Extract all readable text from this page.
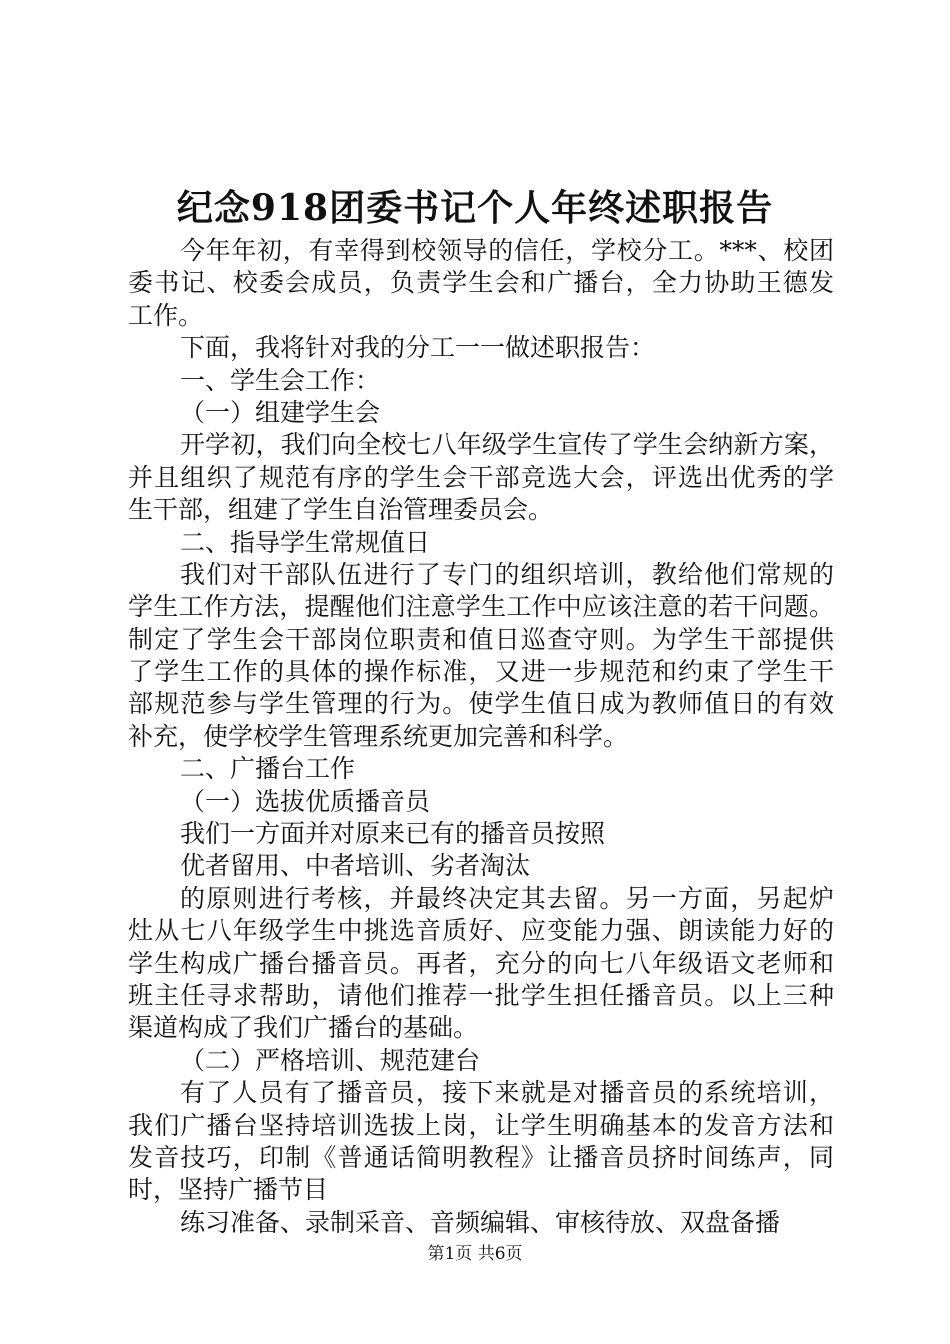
纪念918团委书记个人年终述职报告
今年年初，有幸得到校领导的信任，学校分工。***、校团
委书记、校委会成员，负责学生会和广播台，全力协助王德发
工作。
下面，我将针对我的分工一一做述职报告：
一、学生会工作：
（一）组建学生会
开学初，我们向全校七八年级学生宣传了学生会纳新方案，
并且组织了规范有序的学生会干部竞选大会，评选出优秀的学
生干部，组建了学生自治管理委员会。
二、指导学生常规值日
我们对干部队伍进行了专门的组织培训，教给他们常规的
学生工作方法，提醒他们注意学生工作中应该注意的若干问题。
制定了学生会干部岗位职责和值日巡查守则。为学生干部提供
了学生工作的具体的操作标准，又进一步规范和约束了学生干
部规范参与学生管理的行为。使学生值日成为教师值日的有效
补充，使学校学生管理系统更加完善和科学。
二、广播台工作
（一）选拔优质播音员
我们一方面并对原来已有的播音员按照
优者留用、中者培训、劣者淘汰
的原则进行考核，并最终决定其去留。另一方面，另起炉
灶从七八年级学生中挑选音质好、应变能力强、朗读能力好的
学生构成广播台播音员。再者，充分的向七八年级语文老师和
班主任寻求帮助，请他们推荐一批学生担任播音员。以上三种
渠道构成了我们广播台的基础。
（二）严格培训、规范建台
有了人员有了播音员，接下来就是对播音员的系统培训，
我们广播台坚持培训选拔上岗，让学生明确基本的发音方法和
发音技巧，印制《普通话简明教程》让播音员挤时间练声，同
时，坚持广播节目
练习准备、录制采音、音频编辑、审核待放、双盘备播
第1页 共6页
